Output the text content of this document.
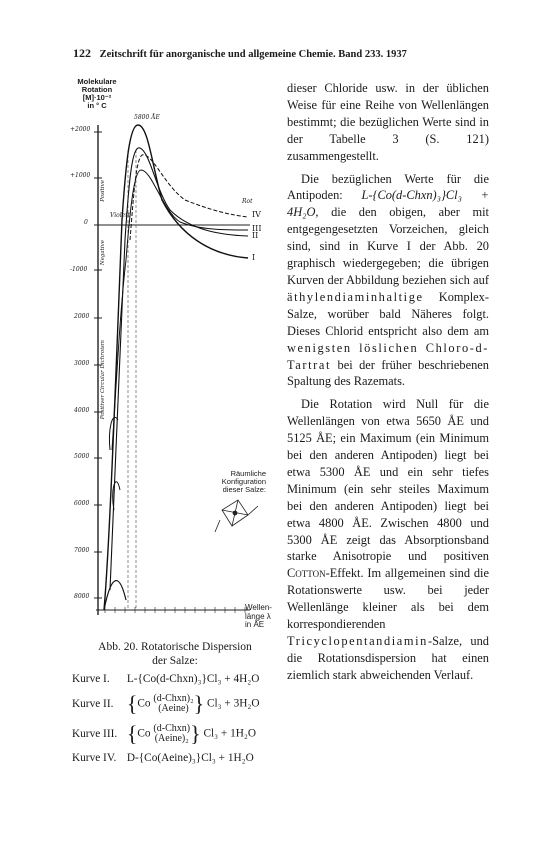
122 Zeitschrift für anorganische und allgemeine Chemie. Band 233. 1937
Molekulare
Rotation
[M]·10⁻²
in ° C
+2000
+1000
0
-1000
2000
3000
4000
5000
6000
7000
8000
I
II
III
IV
5800 ÅE
Violett
Rot
Positive
Negative
Positiver Circular Dichroism
Räumliche
Konfiguration
dieser Salze:
Wellen-
länge λ
in ÅE
Abb. 20. Rotatorische Dispersion
der Salze:
Kurve I. L-{Co(d-Chxn)₃}Cl₃ + 4H₂O
Kurve II. {Co (d-Chxn)₂
(Aeine) } Cl₃ + 3H₂O
Kurve III. {Co (d-Chxn)
(Aeine)₂} Cl₃ + 1H₂O
Kurve IV. D-{Co(Aeine)₃}Cl₃ + 1H₂O

dieser Chloride usw. in der üblichen Weise für eine Reihe von Wellenlängen bestimmt; die bezüglichen Werte sind in der Tabelle 3 (S. 121) zusammengestellt.

Die bezüglichen Werte für die Antipoden: L-{Co(d-Chxn)₃}Cl₃ + 4H₂O, die den obigen, aber mit entgegengesetzten Vorzeichen, gleich sind, sind in Kurve I der Abb. 20 graphisch wiedergegeben; die übrigen Kurven der Abbildung beziehen sich auf äthylendiaminhaltige Komplex-Salze, worüber bald Näheres folgt. Dieses Chlorid entspricht also dem am wenigsten löslichen Chloro-d-Tartrat bei der früher beschriebenen Spaltung des Razemats.

Die Rotation wird Null für die Wellenlängen von etwa 5650 ÅE und 5125 ÅE; ein Maximum (ein Minimum bei den anderen Antipoden) liegt bei etwa 5300 ÅE und ein sehr tiefes Minimum (ein sehr steiles Maximum bei den anderen Antipoden) liegt bei etwa 4800 ÅE. Zwischen 4800 und 5300 ÅE zeigt das Absorptionsband starke Anisotropie und positiven Cotton-Effekt. Im allgemeinen sind die Rotationswerte usw. bei jeder Wellenlänge kleiner als bei dem korrespondierenden Tricyclopentandiamin-Salze, und die Rotationsdispersion hat einen ziemlich stark abweichenden Verlauf.
